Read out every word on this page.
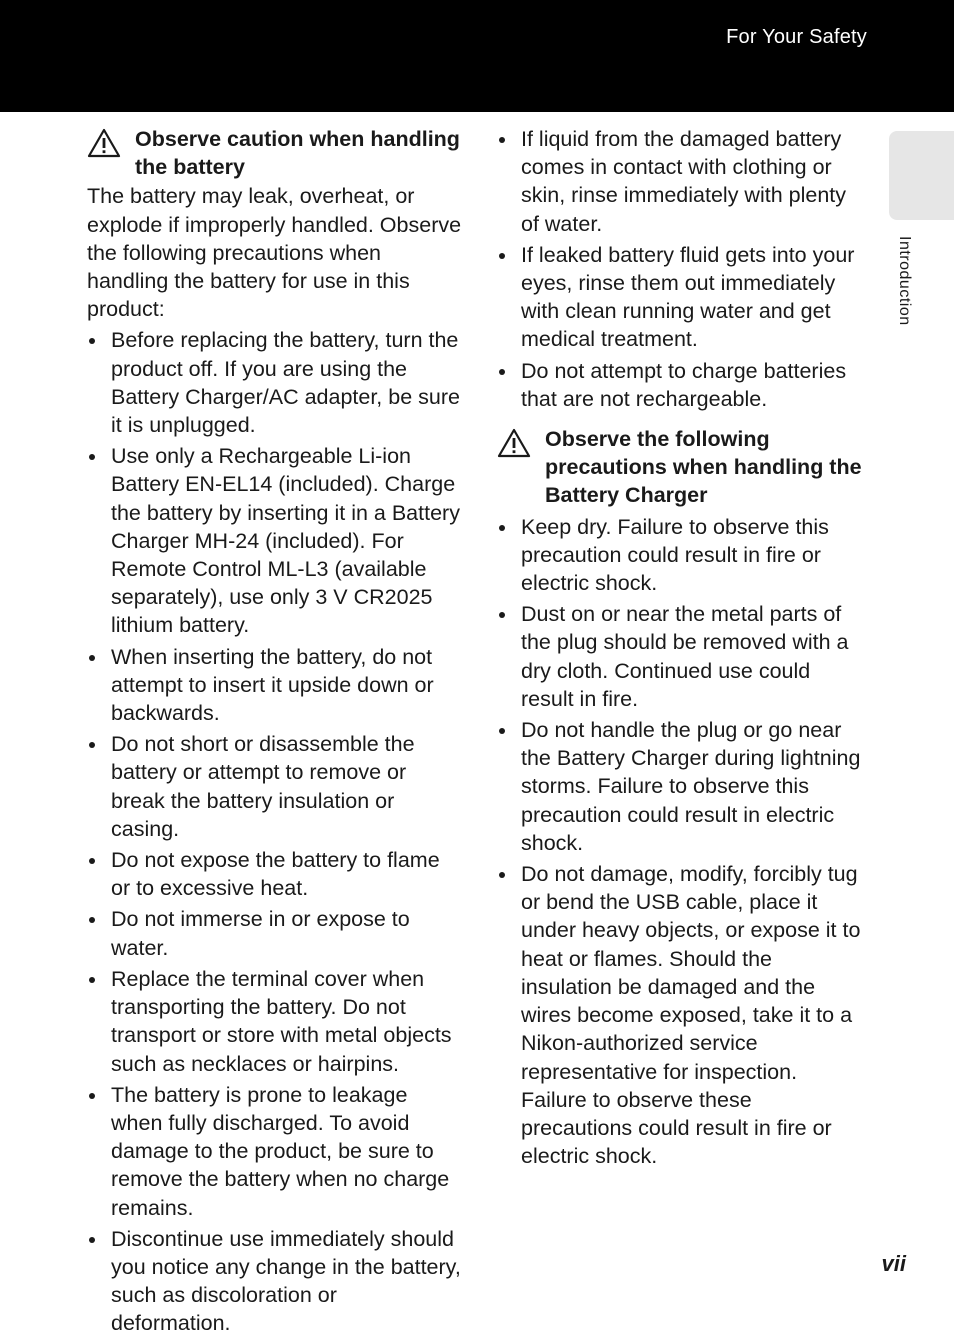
For Your Safety
Introduction
Observe caution when handling the battery

The battery may leak, overheat, or explode if improperly handled. Observe the following precautions when handling the battery for use in this product:

Before replacing the battery, turn the product off. If you are using the Battery Charger/AC adapter, be sure it is unplugged.
Use only a Rechargeable Li-ion Battery EN-EL14 (included). Charge the battery by inserting it in a Battery Charger MH-24 (included). For Remote Control ML-L3 (available separately), use only 3 V CR2025 lithium battery.
When inserting the battery, do not attempt to insert it upside down or backwards.
Do not short or disassemble the battery or attempt to remove or break the battery insulation or casing.
Do not expose the battery to flame or to excessive heat.
Do not immerse in or expose to water.
Replace the terminal cover when transporting the battery. Do not transport or store with metal objects such as necklaces or hairpins.
The battery is prone to leakage when fully discharged. To avoid damage to the product, be sure to remove the battery when no charge remains.
Discontinue use immediately should you notice any change in the battery, such as discoloration or deformation.
If liquid from the damaged battery comes in contact with clothing or skin, rinse immediately with plenty of water.
If leaked battery fluid gets into your eyes, rinse them out immediately with clean running water and get medical treatment.
Do not attempt to charge batteries that are not rechargeable.
Observe the following precautions when handling the Battery Charger
Keep dry. Failure to observe this precaution could result in fire or electric shock.
Dust on or near the metal parts of the plug should be removed with a dry cloth. Continued use could result in fire.
Do not handle the plug or go near the Battery Charger during lightning storms. Failure to observe this precaution could result in electric shock.
Do not damage, modify, forcibly tug or bend the USB cable, place it under heavy objects, or expose it to heat or flames. Should the insulation be damaged and the wires become exposed, take it to a Nikon-authorized service representative for inspection. Failure to observe these precautions could result in fire or electric shock.
vii
